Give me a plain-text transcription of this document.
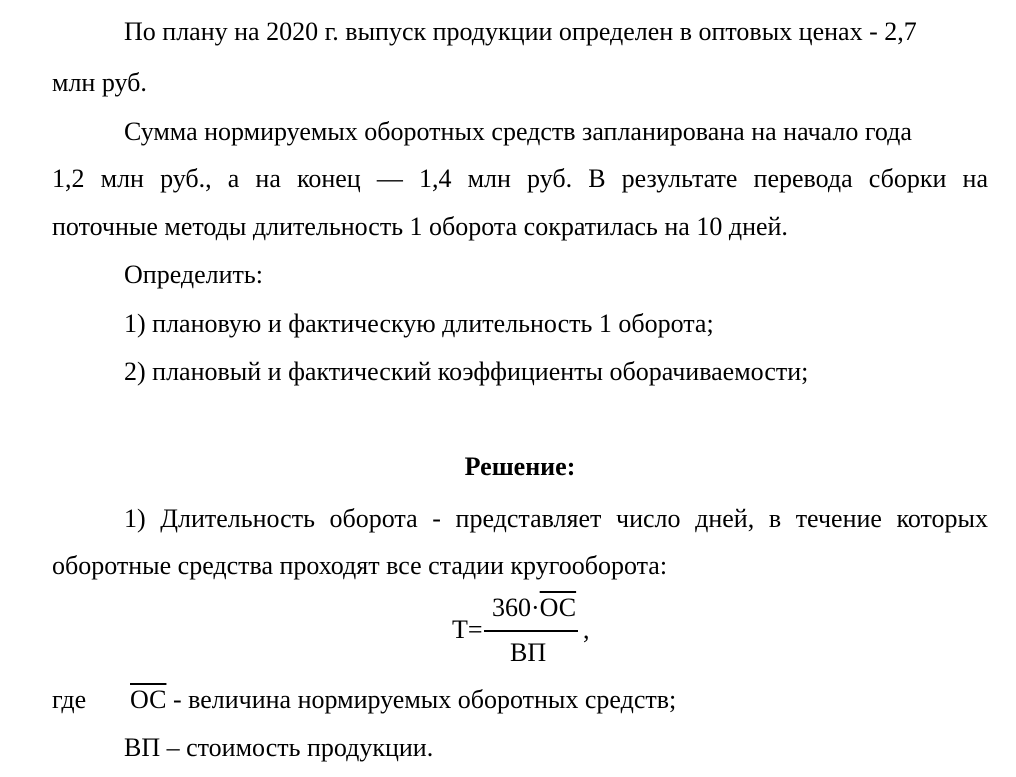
По плану на 2020 г. выпуск продукции определен в оптовых ценах - 2,7
млн руб.
Сумма нормируемых оборотных средств запланирована на начало года
1,2 млн руб., а на конец — 1,4 млн руб. В результате перевода сборки на
поточные методы длительность 1 оборота сократилась на 10 дней.
Определить:
1) плановую и фактическую длительность 1 оборота;
2) плановый и фактический коэффициенты оборачиваемости;
Решение:
1) Длительность оборота - представляет число дней, в течение которых
оборотные средства проходят все стадии кругооборота:
T=
360·ОС
ВП
,
где ОС - величина нормируемых оборотных средств;
ВП – стоимость продукции.
